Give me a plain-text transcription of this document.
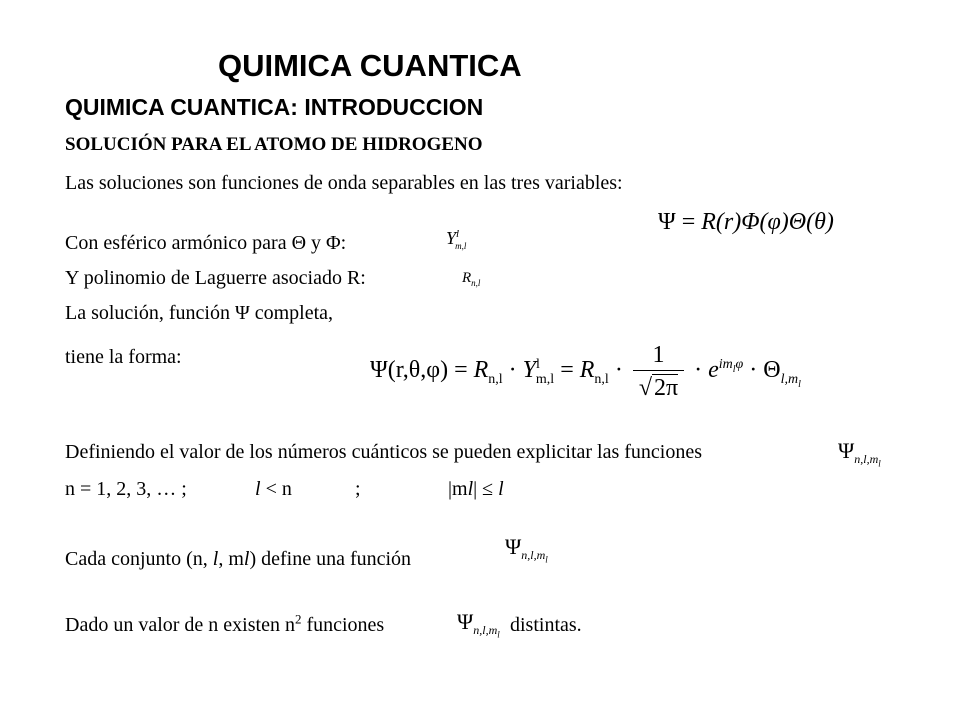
QUIMICA CUANTICA
QUIMICA CUANTICA: INTRODUCCION
SOLUCIÓN PARA EL ATOMO DE HIDROGENO
Las soluciones son funciones de onda separables en las tres variables:
Ψ = R(r)Φ(φ)Θ(θ)
Con esférico armónico para Θ y Φ:	$Y^l_{m,l}$
Y polinomio de Laguerre asociado R:	$R_{n,l}$
La solución, función Ψ completa,
tiene la forma:
$\Psi(r,\theta,\varphi) = R_{n,l} \cdot Y^l_{m,l} = R_{n,l} \cdot \frac{1}{√2\pi} \cdot e^{im_l\varphi} \cdot \Theta_{l,m_l}$
Definiendo el valor de los números cuánticos se pueden explicitar las funciones	$\Psi_{n,l,m_l}$
n = 1, 2, 3, … ;	l < n	;	|ml| ≤ l
Cada conjunto (n, l, ml) define una función	$\Psi_{n,l,m_l}$
Dado un valor de n existen $n^2$ funciones	$\Psi_{n,l,m_l}$ distintas.
